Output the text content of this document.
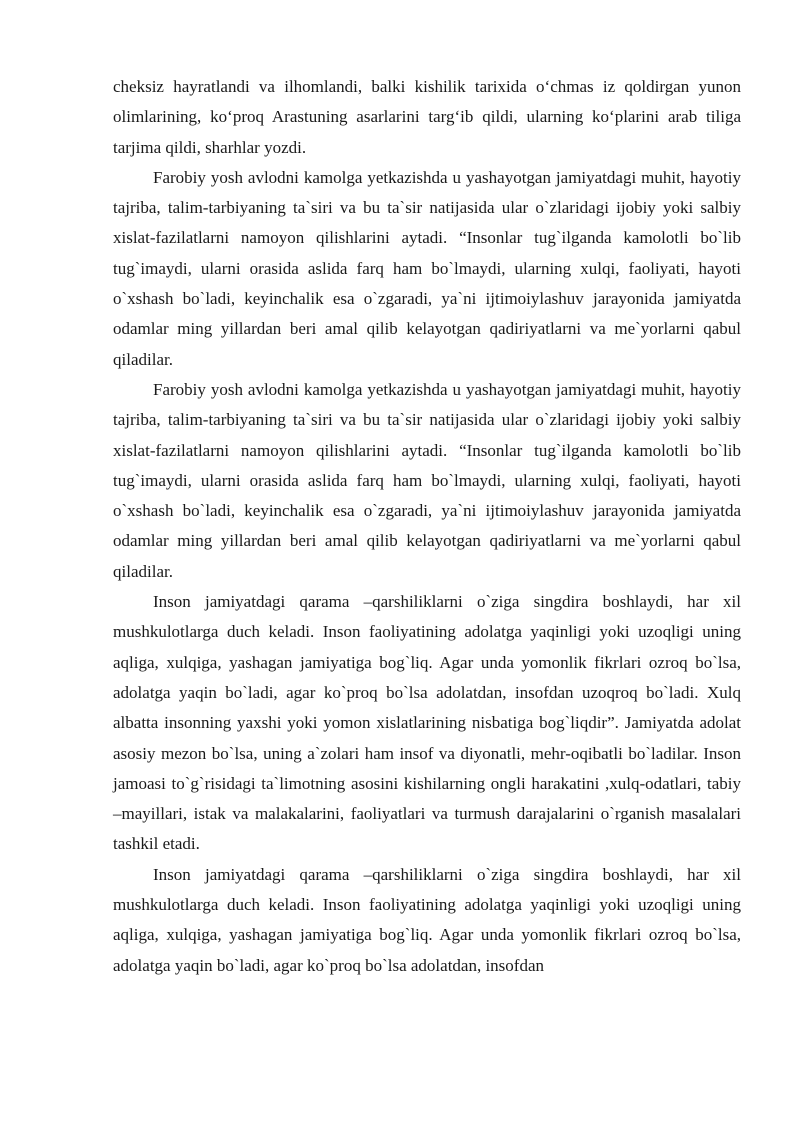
cheksiz hayratlandi va ilhomlandi, balki kishilik tarixida o‘chmas iz qoldirgan yunon olimlarining, ko‘proq Arastuning asarlarini targ‘ib qildi, ularning ko‘plarini arab tiliga tarjima qildi, sharhlar yozdi.

Farobiy yosh avlodni kamolga yetkazishda u yashayotgan jamiyatdagi muhit, hayotiy tajriba, talim-tarbiyaning ta`siri va bu ta`sir natijasida ular o`zlaridagi ijobiy yoki salbiy xislat-fazilatlarni namoyon qilishlarini aytadi. “Insonlar tug`ilganda kamolotli bo`lib tug`imaydi, ularni orasida aslida farq ham bo`lmaydi, ularning xulqi, faoliyati, hayoti o`xshash bo`ladi, keyinchalik esa o`zgaradi, ya`ni ijtimoiylashuv jarayonida jamiyatda odamlar ming yillardan beri amal qilib kelayotgan qadiriyatlarni va me`yorlarni qabul qiladilar.

Farobiy yosh avlodni kamolga yetkazishda u yashayotgan jamiyatdagi muhit, hayotiy tajriba, talim-tarbiyaning ta`siri va bu ta`sir natijasida ular o`zlaridagi ijobiy yoki salbiy xislat-fazilatlarni namoyon qilishlarini aytadi. “Insonlar tug`ilganda kamolotli bo`lib tug`imaydi, ularni orasida aslida farq ham bo`lmaydi, ularning xulqi, faoliyati, hayoti o`xshash bo`ladi, keyinchalik esa o`zgaradi, ya`ni ijtimoiylashuv jarayonida jamiyatda odamlar ming yillardan beri amal qilib kelayotgan qadiriyatlarni va me`yorlarni qabul qiladilar.

Inson jamiyatdagi qarama –qarshiliklarni o`ziga singdira boshlaydi, har xil mushkulotlarga duch keladi. Inson faoliyatining adolatga yaqinligi yoki uzoqligi uning aqliga, xulqiga, yashagan jamiyatiga bog`liq. Agar unda yomonlik fikrlari ozroq bo`lsa, adolatga yaqin bo`ladi, agar ko`proq bo`lsa adolatdan, insofdan uzoqroq bo`ladi. Xulq albatta insonning yaxshi yoki yomon xislatlarining nisbatiga bog`liqdir”. Jamiyatda adolat asosiy mezon bo`lsa, uning a`zolari ham insof va diyonatli, mehr-oqibatli bo`ladilar. Inson jamoasi to`g`risidagi ta`limotning asosini kishilarning ongli harakatini ,xulq-odatlari, tabiy –mayillari, istak va malakalarini, faoliyatlari va turmush darajalarini o`rganish masalalari tashkil etadi.

Inson jamiyatdagi qarama –qarshiliklarni o`ziga singdira boshlaydi, har xil mushkulotlarga duch keladi. Inson faoliyatining adolatga yaqinligi yoki uzoqligi uning aqliga, xulqiga, yashagan jamiyatiga bog`liq. Agar unda yomonlik fikrlari ozroq bo`lsa, adolatga yaqin bo`ladi, agar ko`proq bo`lsa adolatdan, insofdan
